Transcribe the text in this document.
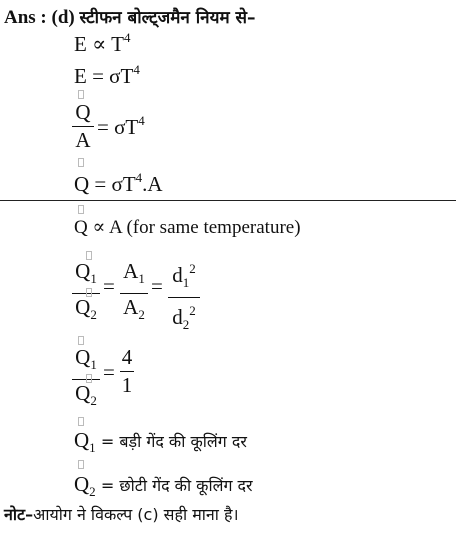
Ans : (d) स्टीफन बोल्ट्जमैन नियम से–
$E \propto T^4$
$E = \sigma T^4$
Q
A
= $\sigma T^4$
$Q = \sigma T^4.A$
Q ∝ A (for same temperature)
$Q_1$
$Q_2$
=
$A_1$
$A_2$
= $d_1^2$
$d_2^2$
$Q_1$
$Q_2$
=
4
1
$Q_1$ = बड़ी गेंद की कूलिंग दर
$Q_2$ = छोटी गेंद की कूलिंग दर
नोट–आयोग ने विकल्प (c) सही माना है।
